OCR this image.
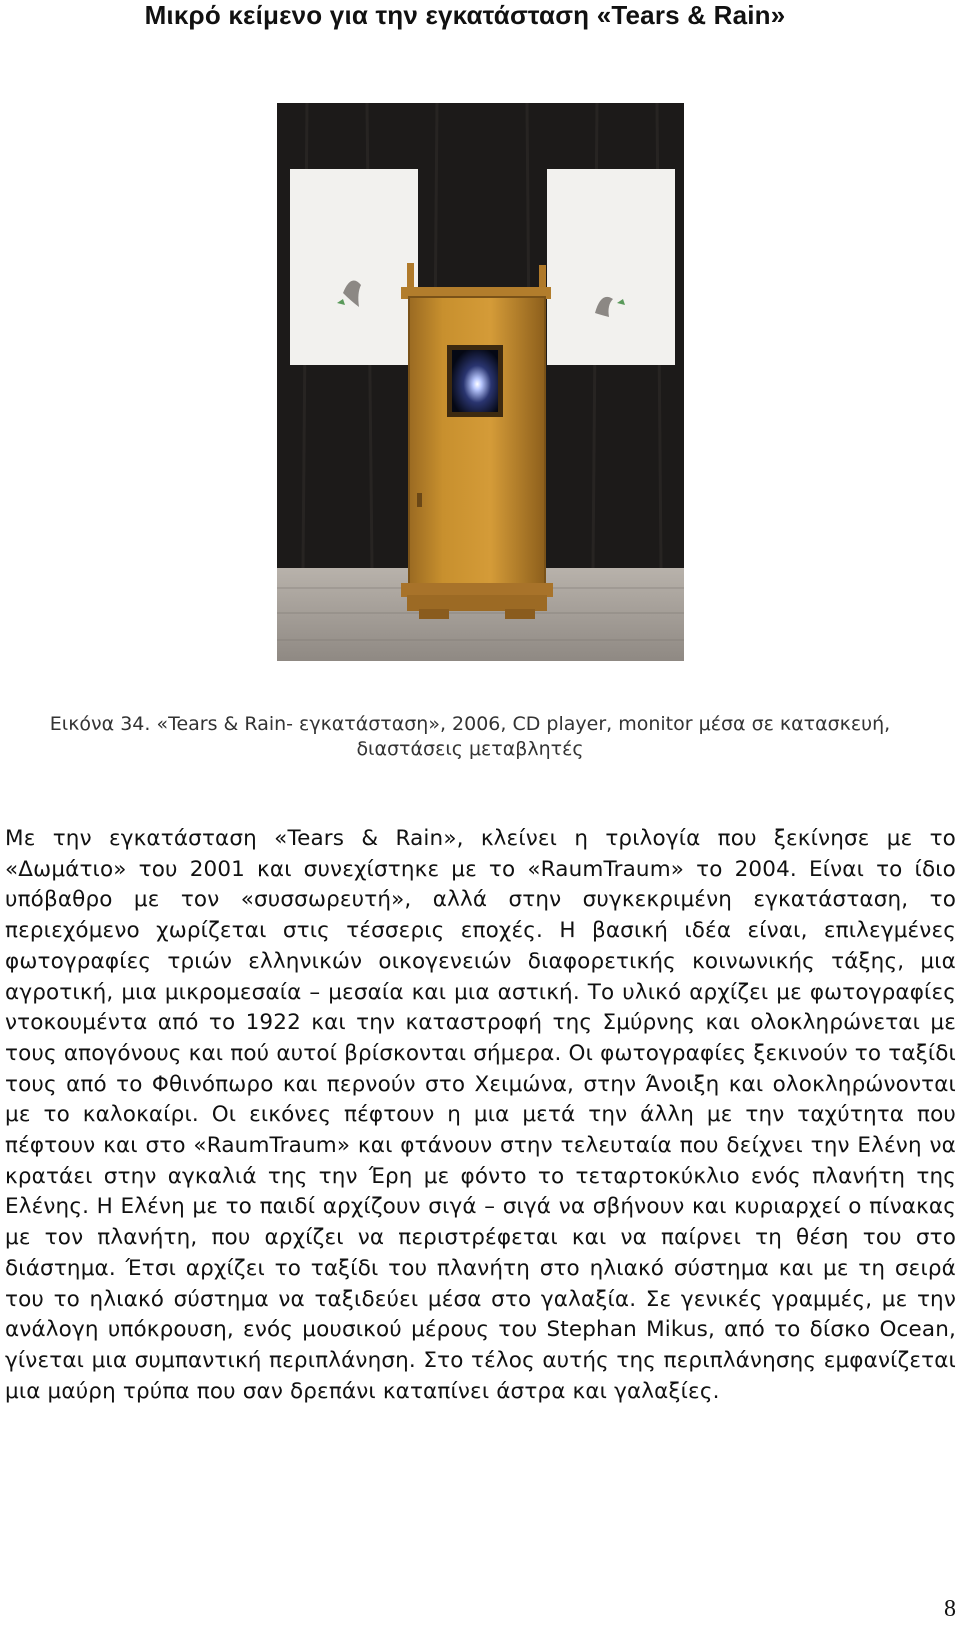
Μικρό κείμενο για την εγκατάσταση «Tears & Rain»
Εικόνα 34. «Tears & Rain- εγκατάσταση», 2006, CD player, monitor μέσα σε κατασκευή, διαστάσεις μεταβλητές
Με την εγκατάσταση «Tears & Rain», κλείνει η τριλογία που ξεκίνησε με το «Δωμάτιο» του 2001 και συνεχίστηκε με το «RaumTraum» το 2004. Είναι το ίδιο υπόβαθρο με τον «συσσωρευτή», αλλά στην συγκεκριμένη εγκατάσταση, το περιεχόμενο χωρίζεται στις τέσσερις εποχές. Η βασική ιδέα είναι, επιλεγμένες φωτογραφίες τριών ελληνικών οικογενειών διαφορετικής κοινωνικής τάξης, μια αγροτική, μια μικρομεσαία – μεσαία και μια αστική. Το υλικό αρχίζει με φωτογραφίες ντοκουμέντα από το 1922 και την καταστροφή της Σμύρνης και ολοκληρώνεται με τους απογόνους και πού αυτοί βρίσκονται σήμερα. Οι φωτογραφίες ξεκινούν το ταξίδι τους από το Φθινόπωρο και περνούν στο Χειμώνα, στην Άνοιξη και ολοκληρώνονται με το καλοκαίρι. Οι εικόνες πέφτουν η μια μετά την άλλη με την ταχύτητα που πέφτουν και στο «RaumTraum» και φτάνουν στην τελευταία που δείχνει την Ελένη να κρατάει στην αγκαλιά της την Έρη με φόντο το τεταρτοκύκλιο ενός πλανήτη της Ελένης. Η Ελένη με το παιδί αρχίζουν σιγά – σιγά να σβήνουν και κυριαρχεί ο πίνακας με τον πλανήτη, που αρχίζει να περιστρέφεται και να παίρνει τη θέση του στο διάστημα. Έτσι αρχίζει το ταξίδι του πλανήτη στο ηλιακό σύστημα και με τη σειρά του το ηλιακό σύστημα να ταξιδεύει μέσα στο γαλαξία. Σε γενικές γραμμές, με την ανάλογη υπόκρουση, ενός μουσικού μέρους του Stephan Mikus, από το δίσκο Ocean, γίνεται μια συμπαντική περιπλάνηση. Στο τέλος αυτής της περιπλάνησης εμφανίζεται μια μαύρη τρύπα που σαν δρεπάνι καταπίνει άστρα και γαλαξίες.
8
